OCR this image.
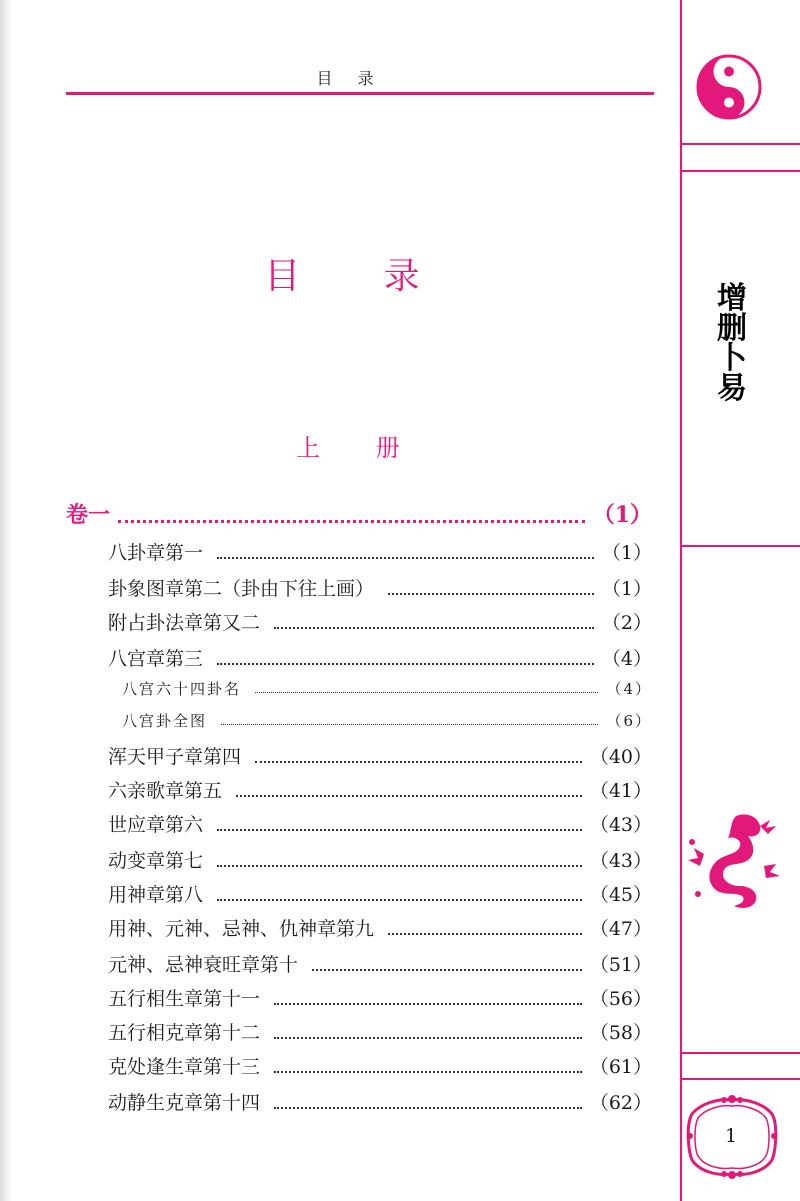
目 录
目 录
上 册
卷一	（1）
八卦章第一	（1）
卦象图章第二（卦由下往上画）	（1）
附占卦法章第又二	（2）
八宫章第三	（4）
八宫六十四卦名	（4）
八宫卦全图	（6）
浑天甲子章第四	（40）
六亲歌章第五	（41）
世应章第六	（43）
动变章第七	（43）
用神章第八	（45）
用神、元神、忌神、仇神章第九	（47）
元神、忌神衰旺章第十	（51）
五行相生章第十一	（56）
五行相克章第十二	（58）
克处逢生章第十三	（61）
动静生克章第十四	（62）
增
删
卜
易
1
